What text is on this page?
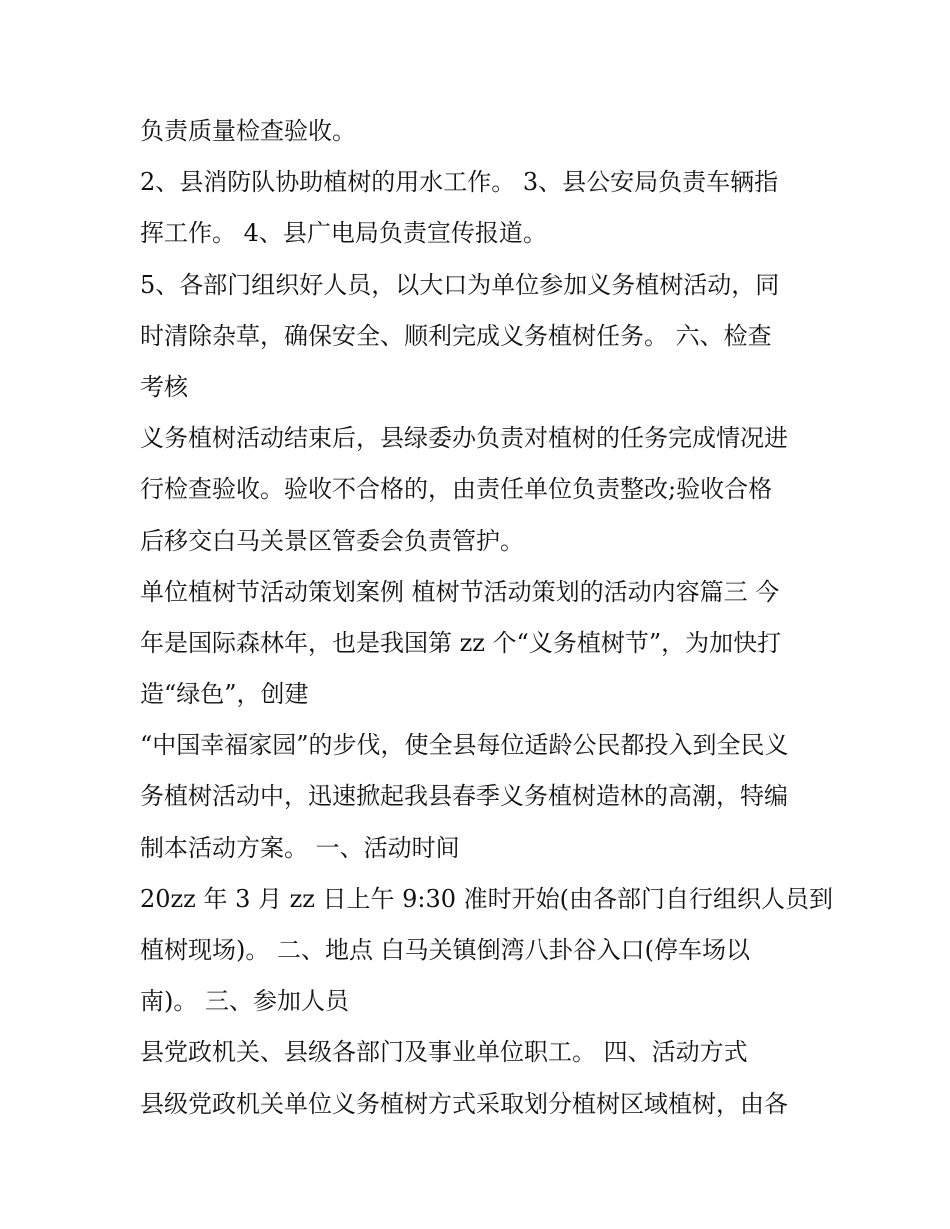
负责质量检查验收。
2、县消防队协助植树的用水工作。 3、县公安局负责车辆指
挥工作。 4、县广电局负责宣传报道。
5、各部门组织好人员，以大口为单位参加义务植树活动，同
时清除杂草，确保安全、顺利完成义务植树任务。 六、检查
考核
义务植树活动结束后，县绿委办负责对植树的任务完成情况进
行检查验收。验收不合格的，由责任单位负责整改;验收合格
后移交白马关景区管委会负责管护。
单位植树节活动策划案例 植树节活动策划的活动内容篇三 今
年是国际森林年，也是我国第 zz 个“义务植树节”，为加快打
造“绿色”，创建
“中国幸福家园”的步伐，使全县每位适龄公民都投入到全民义
务植树活动中，迅速掀起我县春季义务植树造林的高潮，特编
制本活动方案。 一、活动时间
20zz 年 3 月 zz 日上午 9:30 准时开始(由各部门自行组织人员到
植树现场)。 二、地点 白马关镇倒湾八卦谷入口(停车场以
南)。 三、参加人员
县党政机关、县级各部门及事业单位职工。 四、活动方式
县级党政机关单位义务植树方式采取划分植树区域植树，由各
